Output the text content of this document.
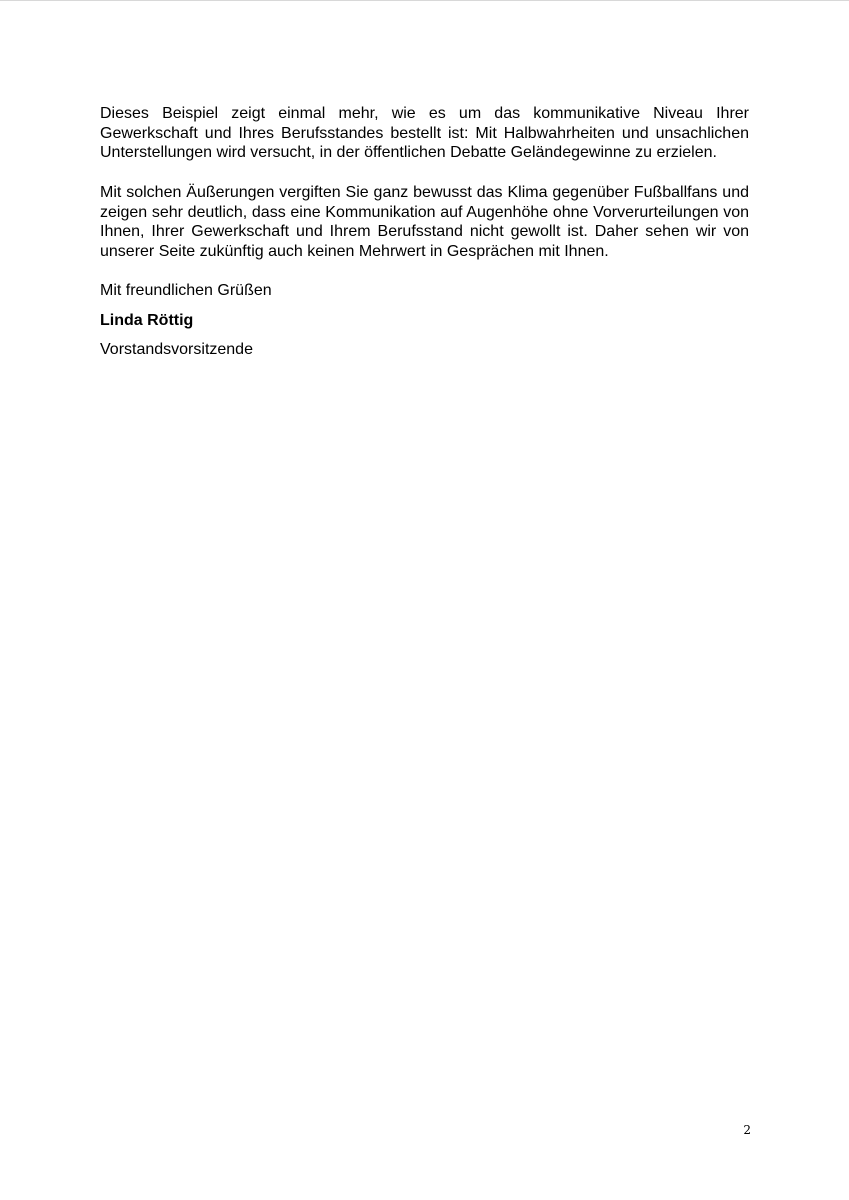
Dieses Beispiel zeigt einmal mehr, wie es um das kommunikative Niveau Ihrer Gewerkschaft und Ihres Berufsstandes bestellt ist: Mit Halbwahrheiten und unsachlichen Unterstellungen wird versucht, in der öffentlichen Debatte Geländegewinne zu erzielen.

Mit solchen Äußerungen vergiften Sie ganz bewusst das Klima gegenüber Fußballfans und zeigen sehr deutlich, dass eine Kommunikation auf Augenhöhe ohne Vorverurteilungen von Ihnen, Ihrer Gewerkschaft und Ihrem Berufsstand nicht gewollt ist. Daher sehen wir von unserer Seite zukünftig auch keinen Mehrwert in Gesprächen mit Ihnen.

Mit freundlichen Grüßen

Linda Röttig

Vorstandsvorsitzende

2
